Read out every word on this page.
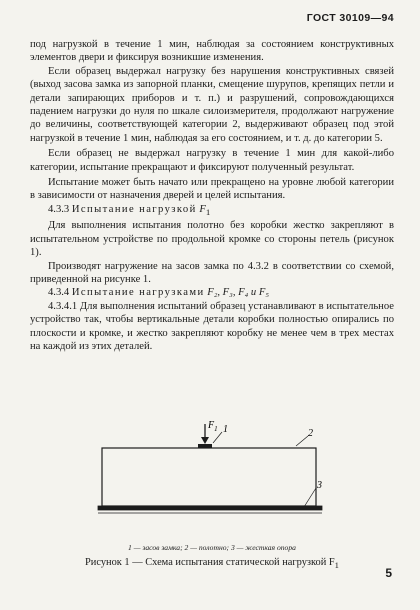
ГОСТ 30109—94

под нагрузкой в течение 1 мин, наблюдая за состоянием конструктивных элементов двери и фиксируя возникшие изменения.

Если образец выдержал нагрузку без нарушения конструктивных связей (выход засова замка из запорной планки, смещение шурупов, крепящих петли и детали запирающих приборов и т. п.) и разрушений, сопровождающихся падением нагрузки до нуля по шкале силоизмерителя, продолжают нагружение до величины, соответствующей категории 2, выдерживают образец под этой нагрузкой в течение 1 мин, наблюдая за его состоянием, и т. д. до категории 5.

Если образец не выдержал нагрузку в течение 1 мин для какой-либо категории, испытание прекращают и фиксируют полученный результат.

Испытание может быть начато или прекращено на уровне любой категории в зависимости от назначения дверей и целей испытания.

4.3.3 Испытание нагрузкой $F_1$

Для выполнения испытания полотно без коробки жестко закрепляют в испытательном устройстве по продольной кромке со стороны петель (рисунок 1).

Производят нагружение на засов замка по 4.3.2 в соответствии со схемой, приведенной на рисунке 1.

4.3.4 Испытание нагрузками F₂, F₃, F₄ и F₅

4.3.4.1 Для выполнения испытаний образец устанавливают в испытательное устройство так, чтобы вертикальные детали коробки полностью опирались по плоскости и кромке, и жестко закрепляют коробку не менее чем в трех местах на каждой из этих деталей.

$F_1$ 1	2
3
1 — засов замка; 2 — полотно; 3 — жесткая опора
Рисунок 1 — Схема испытания статической нагрузкой $F_1$
5
